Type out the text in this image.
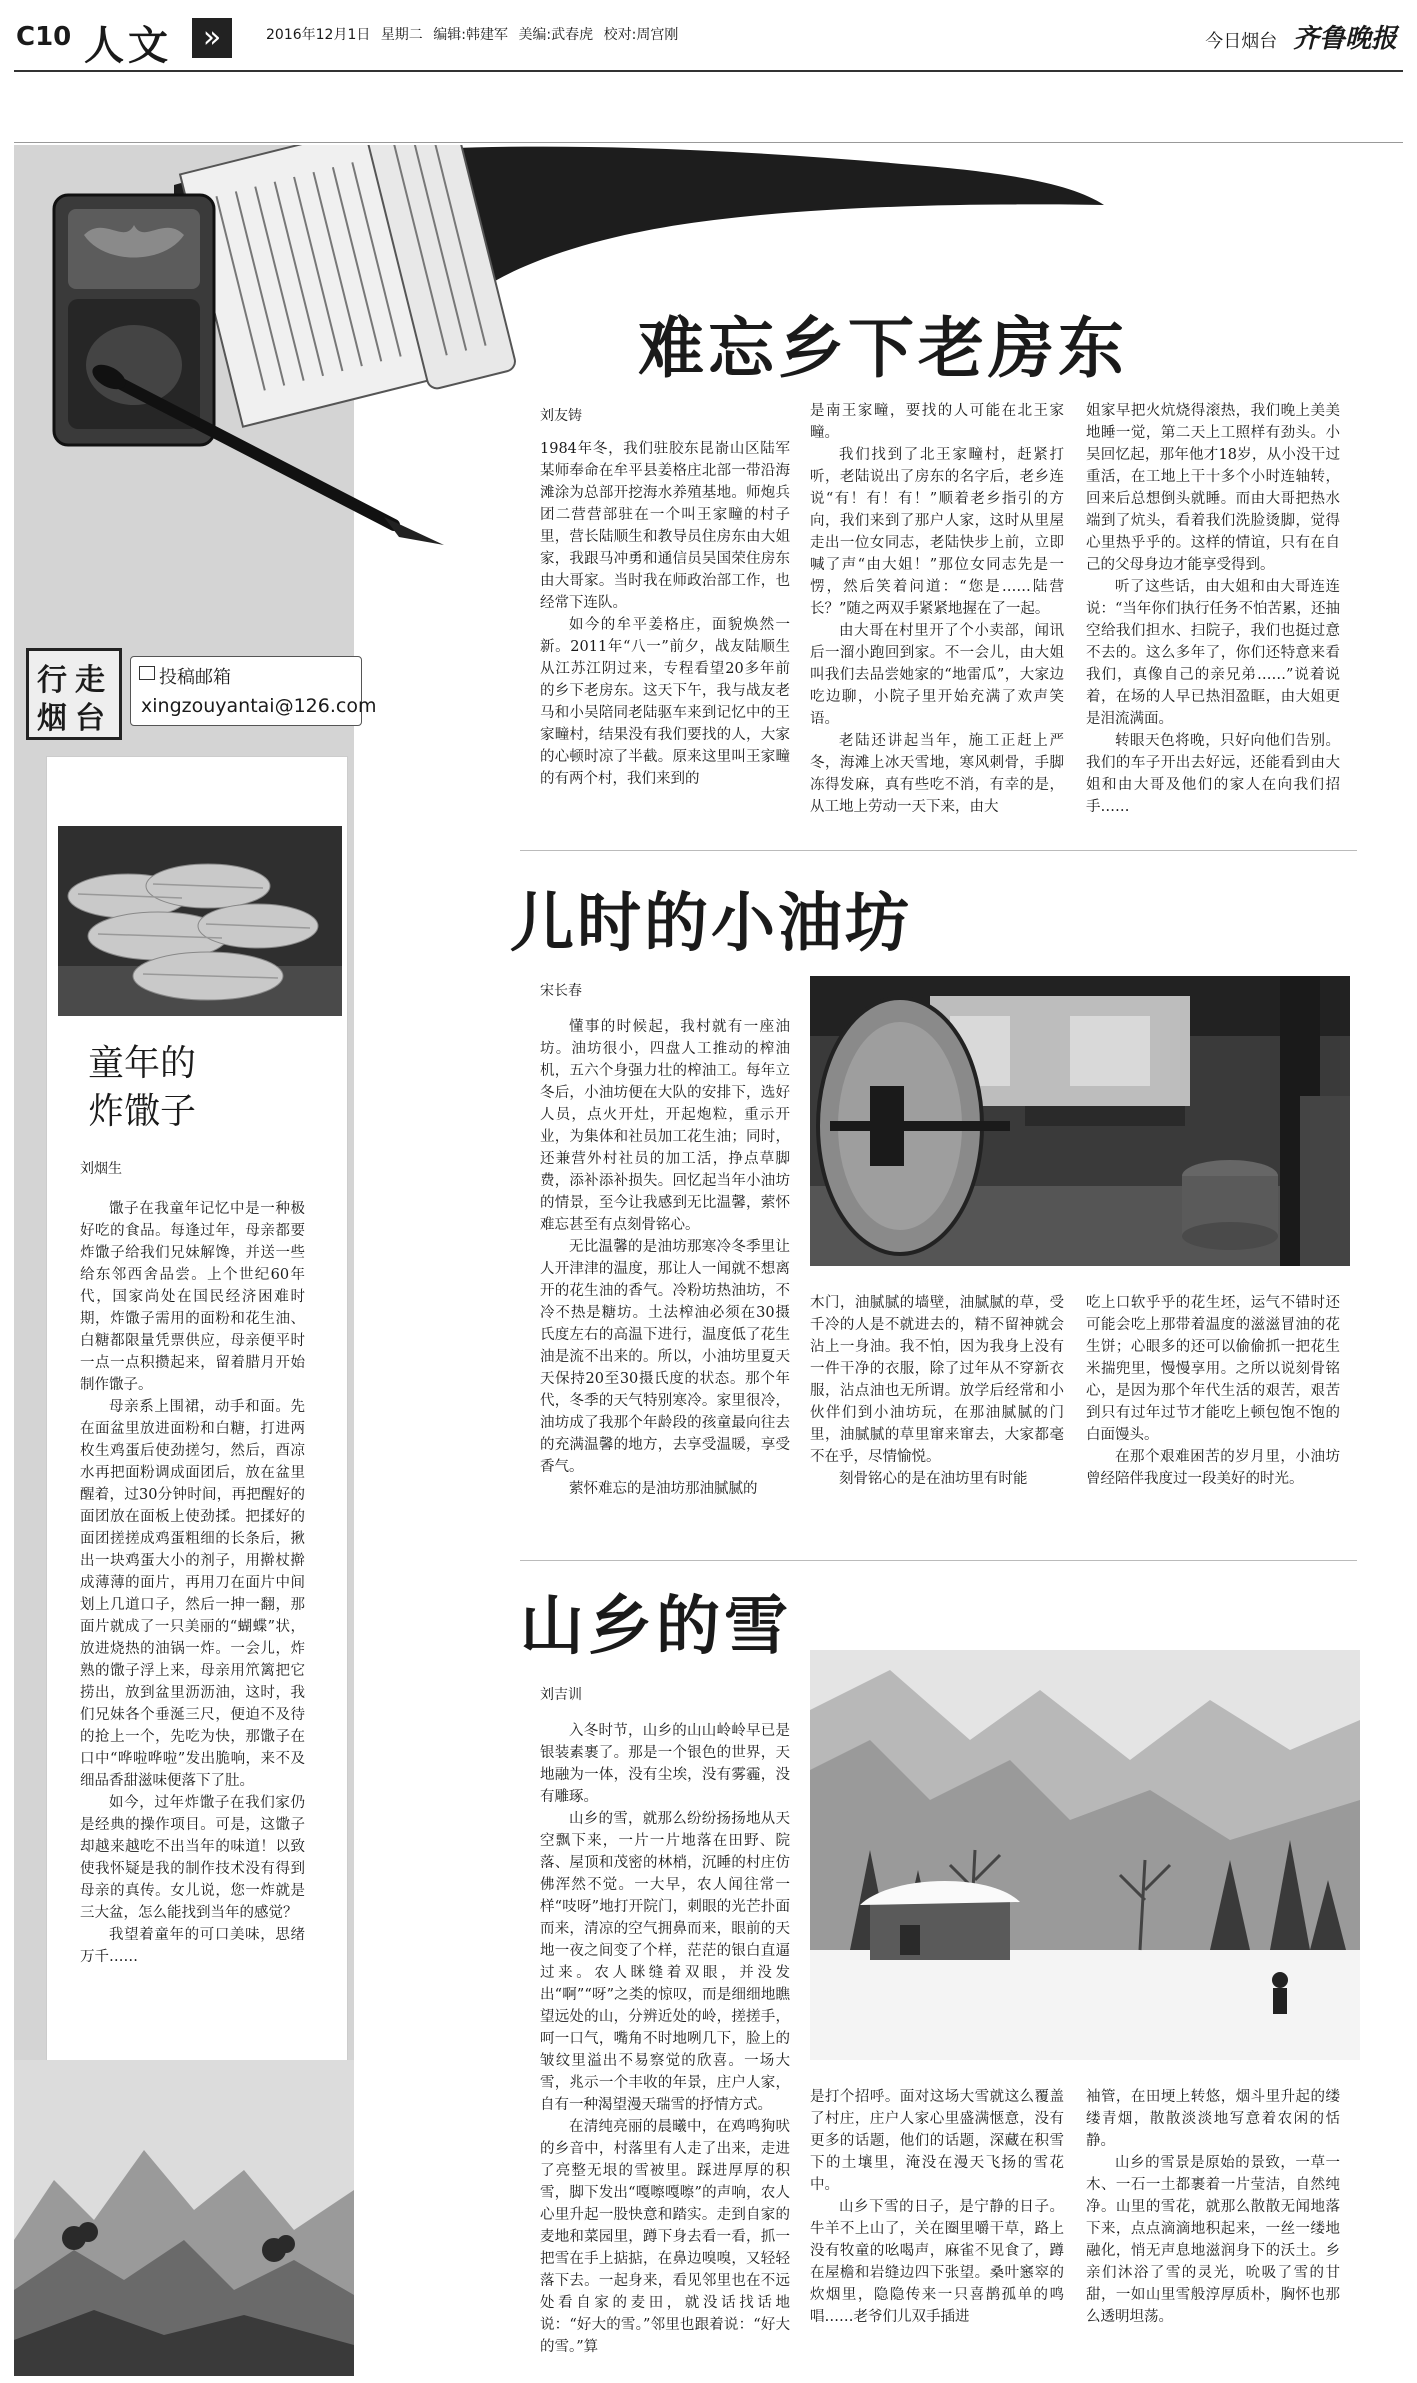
C10 人文	»	2016年12月1日 星期二 编辑:韩建军 美编:武春虎 校对:周宫刚	今日烟台 齐鲁晚报
行 走
烟 台
投稿邮箱
xingzouyantai@126.com
童年的
炸馓子
刘烟生

馓子在我童年记忆中是一种极好吃的食品。每逢过年，母亲都要炸馓子给我们兄妹解馋，并送一些给东邻西舍品尝。上个世纪60年代，国家尚处在国民经济困难时期，炸馓子需用的面粉和花生油、白糖都限量凭票供应，母亲便平时一点一点积攒起来，留着腊月开始制作馓子。

母亲系上围裙，动手和面。先在面盆里放进面粉和白糖，打进两枚生鸡蛋后使劲搓匀，然后，酉凉水再把面粉调成面团后，放在盆里醒着，过30分钟时间，再把醒好的面团放在面板上使劲揉。把揉好的面团搓搓成鸡蛋粗细的长条后，揪出一块鸡蛋大小的剂子，用擀杖擀成薄薄的面片，再用刀在面片中间划上几道口子，然后一抻一翻，那面片就成了一只美丽的“蝴蝶”状，放进烧热的油锅一炸。一会儿，炸熟的馓子浮上来，母亲用笊篱把它捞出，放到盆里沥沥油，这时，我们兄妹各个垂涎三尺，便迫不及待的抢上一个，先吃为快，那馓子在口中“哗啦哗啦”发出脆响，来不及细品香甜滋味便落下了肚。

如今，过年炸馓子在我们家仍是经典的操作项目。可是，这馓子却越来越吃不出当年的味道！以致使我怀疑是我的制作技术没有得到母亲的真传。女儿说，您一炸就是三大盆，怎么能找到当年的感觉？

我望着童年的可口美味，思绪万千……

难忘乡下老房东
刘友铸

1984年冬，我们驻胶东昆嵛山区陆军某师奉命在牟平县姜格庄北部一带沿海滩涂为总部开挖海水养殖基地。师炮兵团二营营部驻在一个叫王家疃的村子里，营长陆顺生和教导员住房东由大姐家，我跟马冲勇和通信员吴国荣住房东由大哥家。当时我在师政治部工作，也经常下连队。

如今的牟平姜格庄，面貌焕然一新。2011年“八一”前夕，战友陆顺生从江苏江阴过来，专程看望20多年前的乡下老房东。这天下午，我与战友老马和小吴陪同老陆驱车来到记忆中的王家疃村，结果没有我们要找的人，大家的心顿时凉了半截。原来这里叫王家疃的有两个村，我们来到的

是南王家疃，要找的人可能在北王家疃。

我们找到了北王家疃村，赶紧打听，老陆说出了房东的名字后，老乡连说“有！有！有！”顺着老乡指引的方向，我们来到了那户人家，这时从里屋走出一位女同志，老陆快步上前，立即喊了声“由大姐！”那位女同志先是一愣，然后笑着问道：“您是……陆营长？”随之两双手紧紧地握在了一起。

由大哥在村里开了个小卖部，闻讯后一溜小跑回到家。不一会儿，由大姐叫我们去品尝她家的“地雷瓜”，大家边吃边聊，小院子里开始充满了欢声笑语。

老陆还讲起当年，施工正赶上严冬，海滩上冰天雪地，寒风刺骨，手脚冻得发麻，真有些吃不消，有幸的是，从工地上劳动一天下来，由大

姐家早把火炕烧得滚热，我们晚上美美地睡一觉，第二天上工照样有劲头。小吴回忆起，那年他才18岁，从小没干过重活，在工地上干十多个小时连轴转，回来后总想倒头就睡。而由大哥把热水端到了炕头，看着我们洗脸烫脚，觉得心里热乎乎的。这样的情谊，只有在自己的父母身边才能享受得到。

听了这些话，由大姐和由大哥连连说：“当年你们执行任务不怕苦累，还抽空给我们担水、扫院子，我们也挺过意不去的。这么多年了，你们还特意来看我们，真像自己的亲兄弟……”说着说着，在场的人早已热泪盈眶，由大姐更是泪流满面。

转眼天色将晚，只好向他们告别。我们的车子开出去好远，还能看到由大姐和由大哥及他们的家人在向我们招手……

儿时的小油坊
宋长春

懂事的时候起，我村就有一座油坊。油坊很小，四盘人工推动的榨油机，五六个身强力壮的榨油工。每年立冬后，小油坊便在大队的安排下，选好人员，点火开灶，开起炮粒，重示开业，为集体和社员加工花生油；同时，还兼营外村社员的加工活，挣点草脚费，添补添补损失。回忆起当年小油坊的情景，至今让我感到无比温馨，萦怀难忘甚至有点刻骨铭心。

无比温馨的是油坊那寒冷冬季里让人开津津的温度，那让人一闻就不想离开的花生油的香气。冷粉坊热油坊，不冷不热是糖坊。土法榨油必须在30摄氏度左右的高温下进行，温度低了花生油是流不出来的。所以，小油坊里夏天天保持20至30摄氏度的状态。那个年代，冬季的天气特别寒冷。家里很冷，油坊成了我那个年龄段的孩童最向往去的充满温馨的地方，去享受温暖，享受香气。

萦怀难忘的是油坊那油腻腻的

木门，油腻腻的墙壁，油腻腻的草，受千冷的人是不就进去的，精不留神就会沾上一身油。我不怕，因为我身上没有一件干净的衣服，除了过年从不穿新衣服，沾点油也无所谓。放学后经常和小伙伴们到小油坊玩，在那油腻腻的门里，油腻腻的草里窜来窜去，大家都毫不在乎，尽情愉悦。

刻骨铭心的是在油坊里有时能

吃上口软乎乎的花生坯，运气不错时还可能会吃上那带着温度的滋滋冒油的花生饼；心眼多的还可以偷偷抓一把花生米揣兜里，慢慢享用。之所以说刻骨铭心，是因为那个年代生活的艰苦，艰苦到只有过年过节才能吃上顿包饱不饱的白面馒头。

在那个艰难困苦的岁月里，小油坊曾经陪伴我度过一段美好的时光。

山乡的雪
刘吉训

入冬时节，山乡的山山岭岭早已是银装素裹了。那是一个银色的世界，天地融为一体，没有尘埃，没有雾霾，没有雕琢。

山乡的雪，就那么纷纷扬扬地从天空飘下来，一片一片地落在田野、院落、屋顶和茂密的林梢，沉睡的村庄仿佛浑然不觉。一大早，农人闻往常一样“吱呀”地打开院门，刺眼的光芒扑面而来，清凉的空气拥鼻而来，眼前的天地一夜之间变了个样，茫茫的银白直逼过来。农人眯缝着双眼，并没发出“啊”“呀”之类的惊叹，而是细细地瞧望远处的山，分辨近处的岭，搓搓手，呵一口气，嘴角不时地咧几下，脸上的皱纹里溢出不易察觉的欣喜。一场大雪，兆示一个丰收的年景，庄户人家，自有一种渴望漫天瑞雪的抒情方式。

在清纯亮丽的晨曦中，在鸡鸣狗吠的乡音中，村落里有人走了出来，走进了亮整无垠的雪被里。踩进厚厚的积雪，脚下发出“嘎嚓嘎嚓”的声响，农人心里升起一股快意和踏实。走到自家的麦地和菜园里，蹲下身去看一看，抓一把雪在手上掂掂，在鼻边嗅嗅，又轻轻落下去。一起身来，看见邻里也在不远处看自家的麦田，就没话找话地说：“好大的雪。”邻里也跟着说：“好大的雪。”算

是打个招呼。面对这场大雪就这么覆盖了村庄，庄户人家心里盛满惬意，没有更多的话题，他们的话题，深藏在积雪下的土壤里，淹没在漫天飞扬的雪花中。

山乡下雪的日子，是宁静的日子。牛羊不上山了，关在圈里嚼干草，路上没有牧童的吆喝声，麻雀不见食了，蹲在屋檐和岩缝边四下张望。桑叶窸窣的炊烟里，隐隐传来一只喜鹊孤单的鸣唱……老爷们儿双手插进

袖管，在田埂上转悠，烟斗里升起的缕缕青烟，散散淡淡地写意着农闲的恬静。

山乡的雪景是原始的景致，一草一木、一石一土都裹着一片莹洁，自然纯净。山里的雪花，就那么散散无闻地落下来，点点滴滴地积起来，一丝一缕地融化，悄无声息地滋润身下的沃土。乡亲们沐浴了雪的灵光，吮吸了雪的甘甜，一如山里雪般淳厚质朴，胸怀也那么透明坦荡。
